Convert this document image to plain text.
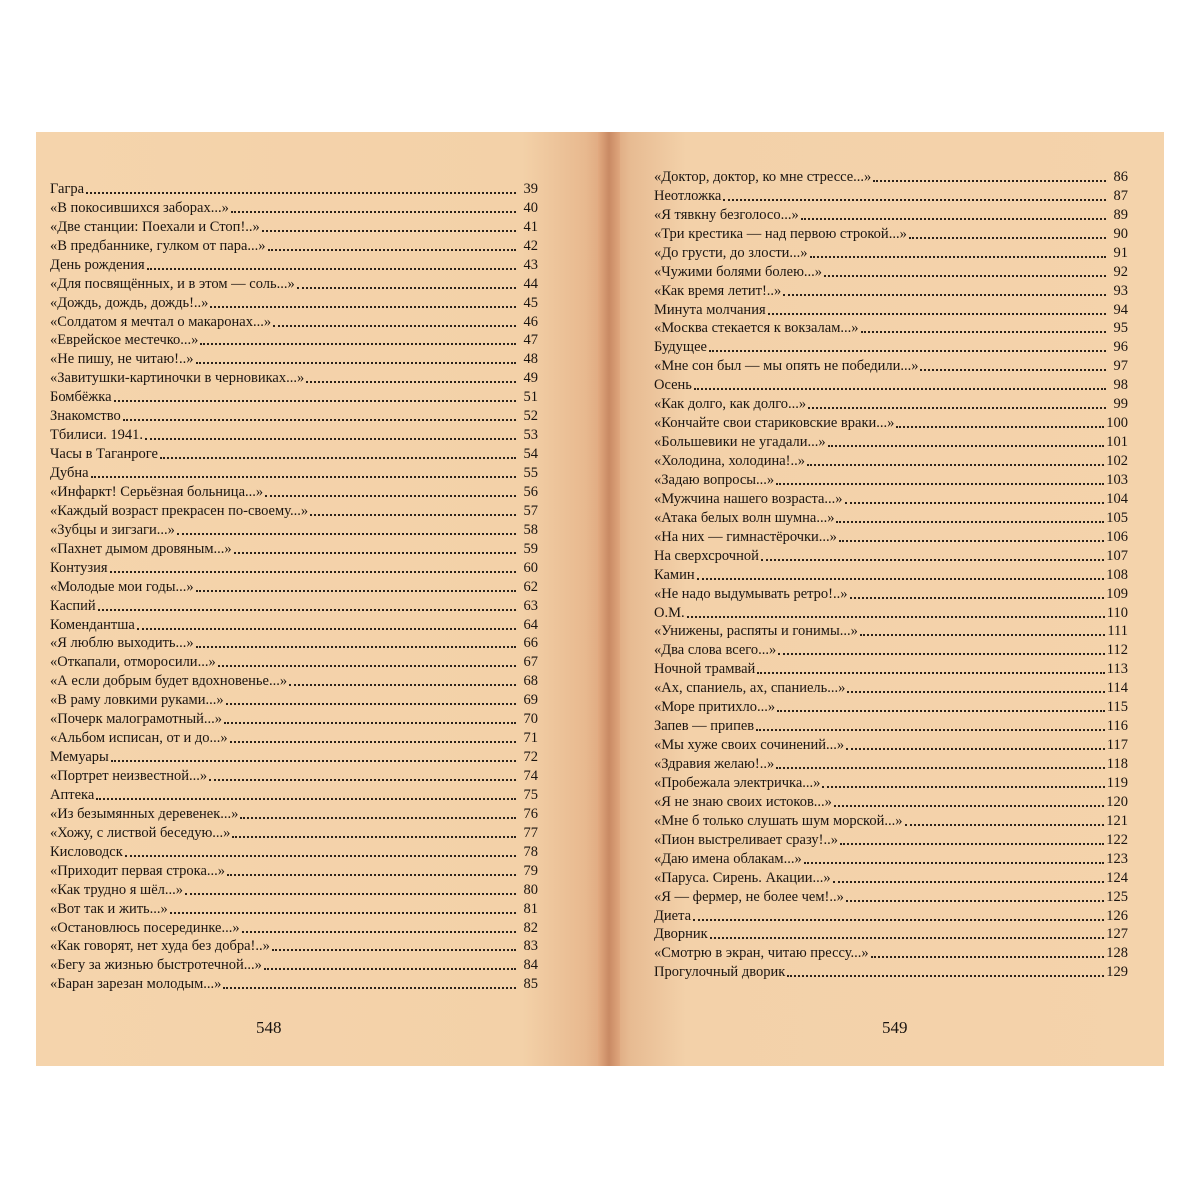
Гагра	39
«В покосившихся заборах...»	40
«Две станции: Поехали и Стоп!..»	41
«В предбаннике, гулком от пара...»	42
День рождения	43
«Для посвящённых, и в этом — соль...»	44
«Дождь, дождь, дождь!..»	45
«Солдатом я мечтал о макаронах...»	46
«Еврейское местечко...»	47
«Не пишу, не читаю!..»	48
«Завитушки-картиночки в черновиках...»	49
Бомбёжка	51
Знакомство	52
Тбилиси. 1941.	53
Часы в Таганроге	54
Дубна	55
«Инфаркт! Серьёзная больница...»	56
«Каждый возраст прекрасен по-своему...»	57
«Зубцы и зигзаги...»	58
«Пахнет дымом дровяным...»	59
Контузия	60
«Молодые мои годы...»	62
Каспий	63
Комендантша	64
«Я люблю выходить...»	66
«Откапали, отморосили...»	67
«А если добрым будет вдохновенье...»	68
«В раму ловкими руками...»	69
«Почерк малограмотный...»	70
«Альбом исписан, от и до...»	71
Мемуары	72
«Портрет неизвестной...»	74
Аптека	75
«Из безымянных деревенек...»	76
«Хожу, с листвой беседую...»	77
Кисловодск	78
«Приходит первая строка...»	79
«Как трудно я шёл...»	80
«Вот так и жить...»	81
«Остановлюсь посерединке...»	82
«Как говорят, нет худа без добра!..»	83
«Бегу за жизнью быстротечной...»	84
«Баран зарезан молодым...»	85
«Доктор, доктор, ко мне стрессе...»	86
Неотложка	87
«Я тявкну безголосо...»	89
«Три крестика — над первою строкой...»	90
«До грусти, до злости...»	91
«Чужими болями болею...»	92
«Как время летит!..»	93
Минута молчания	94
«Москва стекается к вокзалам...»	95
Будущее	96
«Мне сон был — мы опять не победили...»	97
Осень	98
«Как долго, как долго...»	99
«Кончайте свои стариковские враки...»	100
«Большевики не угадали...»	101
«Холодина, холодина!..»	102
«Задаю вопросы...»	103
«Мужчина нашего возраста...»	104
«Атака белых волн шумна...»	105
«На них — гимнастёрочки...»	106
На сверхсрочной	107
Камин	108
«Не надо выдумывать ретро!..»	109
О.М.	110
«Унижены, распяты и гонимы...»	111
«Два слова всего...»	112
Ночной трамвай	113
«Ах, спаниель, ах, спаниель...»	114
«Море притихло...»	115
Запев — припев	116
«Мы хуже своих сочинений...»	117
«Здравия желаю!..»	118
«Пробежала электричка...»	119
«Я не знаю своих истоков...»	120
«Мне б только слушать шум морской...»	121
«Пион выстреливает сразу!..»	122
«Даю имена облакам...»	123
«Паруса. Сирень. Акации...»	124
«Я — фермер, не более чем!..»	125
Диета	126
Дворник	127
«Смотрю в экран, читаю прессу...»	128
Прогулочный дворик	129
548	549
